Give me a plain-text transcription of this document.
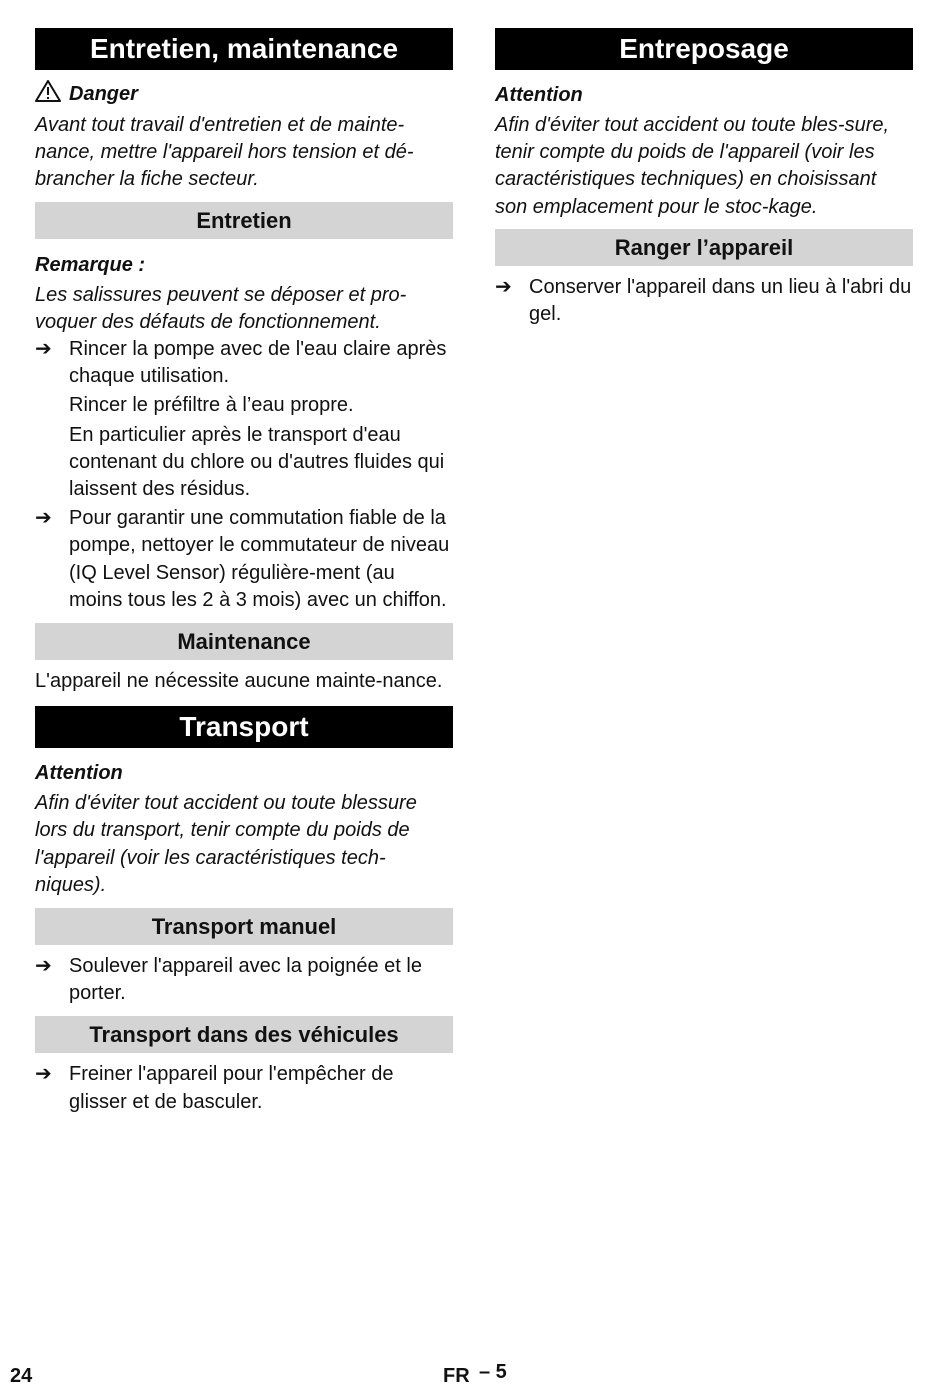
Entretien, maintenance
Danger

Avant tout travail d'entretien et de mainte-nance, mettre l'appareil hors tension et dé-brancher la fiche secteur.

Entretien
Remarque :

Les salissures peuvent se déposer et pro-voquer des défauts de fonctionnement.

➔ Rincer la pompe avec de l'eau claire après chaque utilisation.

Rincer le préfiltre à l’eau propre.

En particulier après le transport d'eau contenant du chlore ou d'autres fluides qui laissent des résidus.

➔ Pour garantir une commutation fiable de la pompe, nettoyer le commutateur de niveau (IQ Level Sensor) régulière-ment (au moins tous les 2 à 3 mois) avec un chiffon.
Maintenance

L'appareil ne nécessite aucune mainte-nance.

Transport
Attention

Afin d'éviter tout accident ou toute blessure lors du transport, tenir compte du poids de l'appareil (voir les caractéristiques tech-niques).

Transport manuel
➔ Soulever l'appareil avec la poignée et le porter.
Transport dans des véhicules
➔ Freiner l'appareil pour l'empêcher de glisser et de basculer.
Entreposage
Attention

Afin d'éviter tout accident ou toute bles-sure, tenir compte du poids de l'appareil (voir les caractéristiques techniques) en choisissant son emplacement pour le stoc-kage.

Ranger l’appareil
➔ Conserver l'appareil dans un lieu à l'abri du gel.
24	FR – 5
